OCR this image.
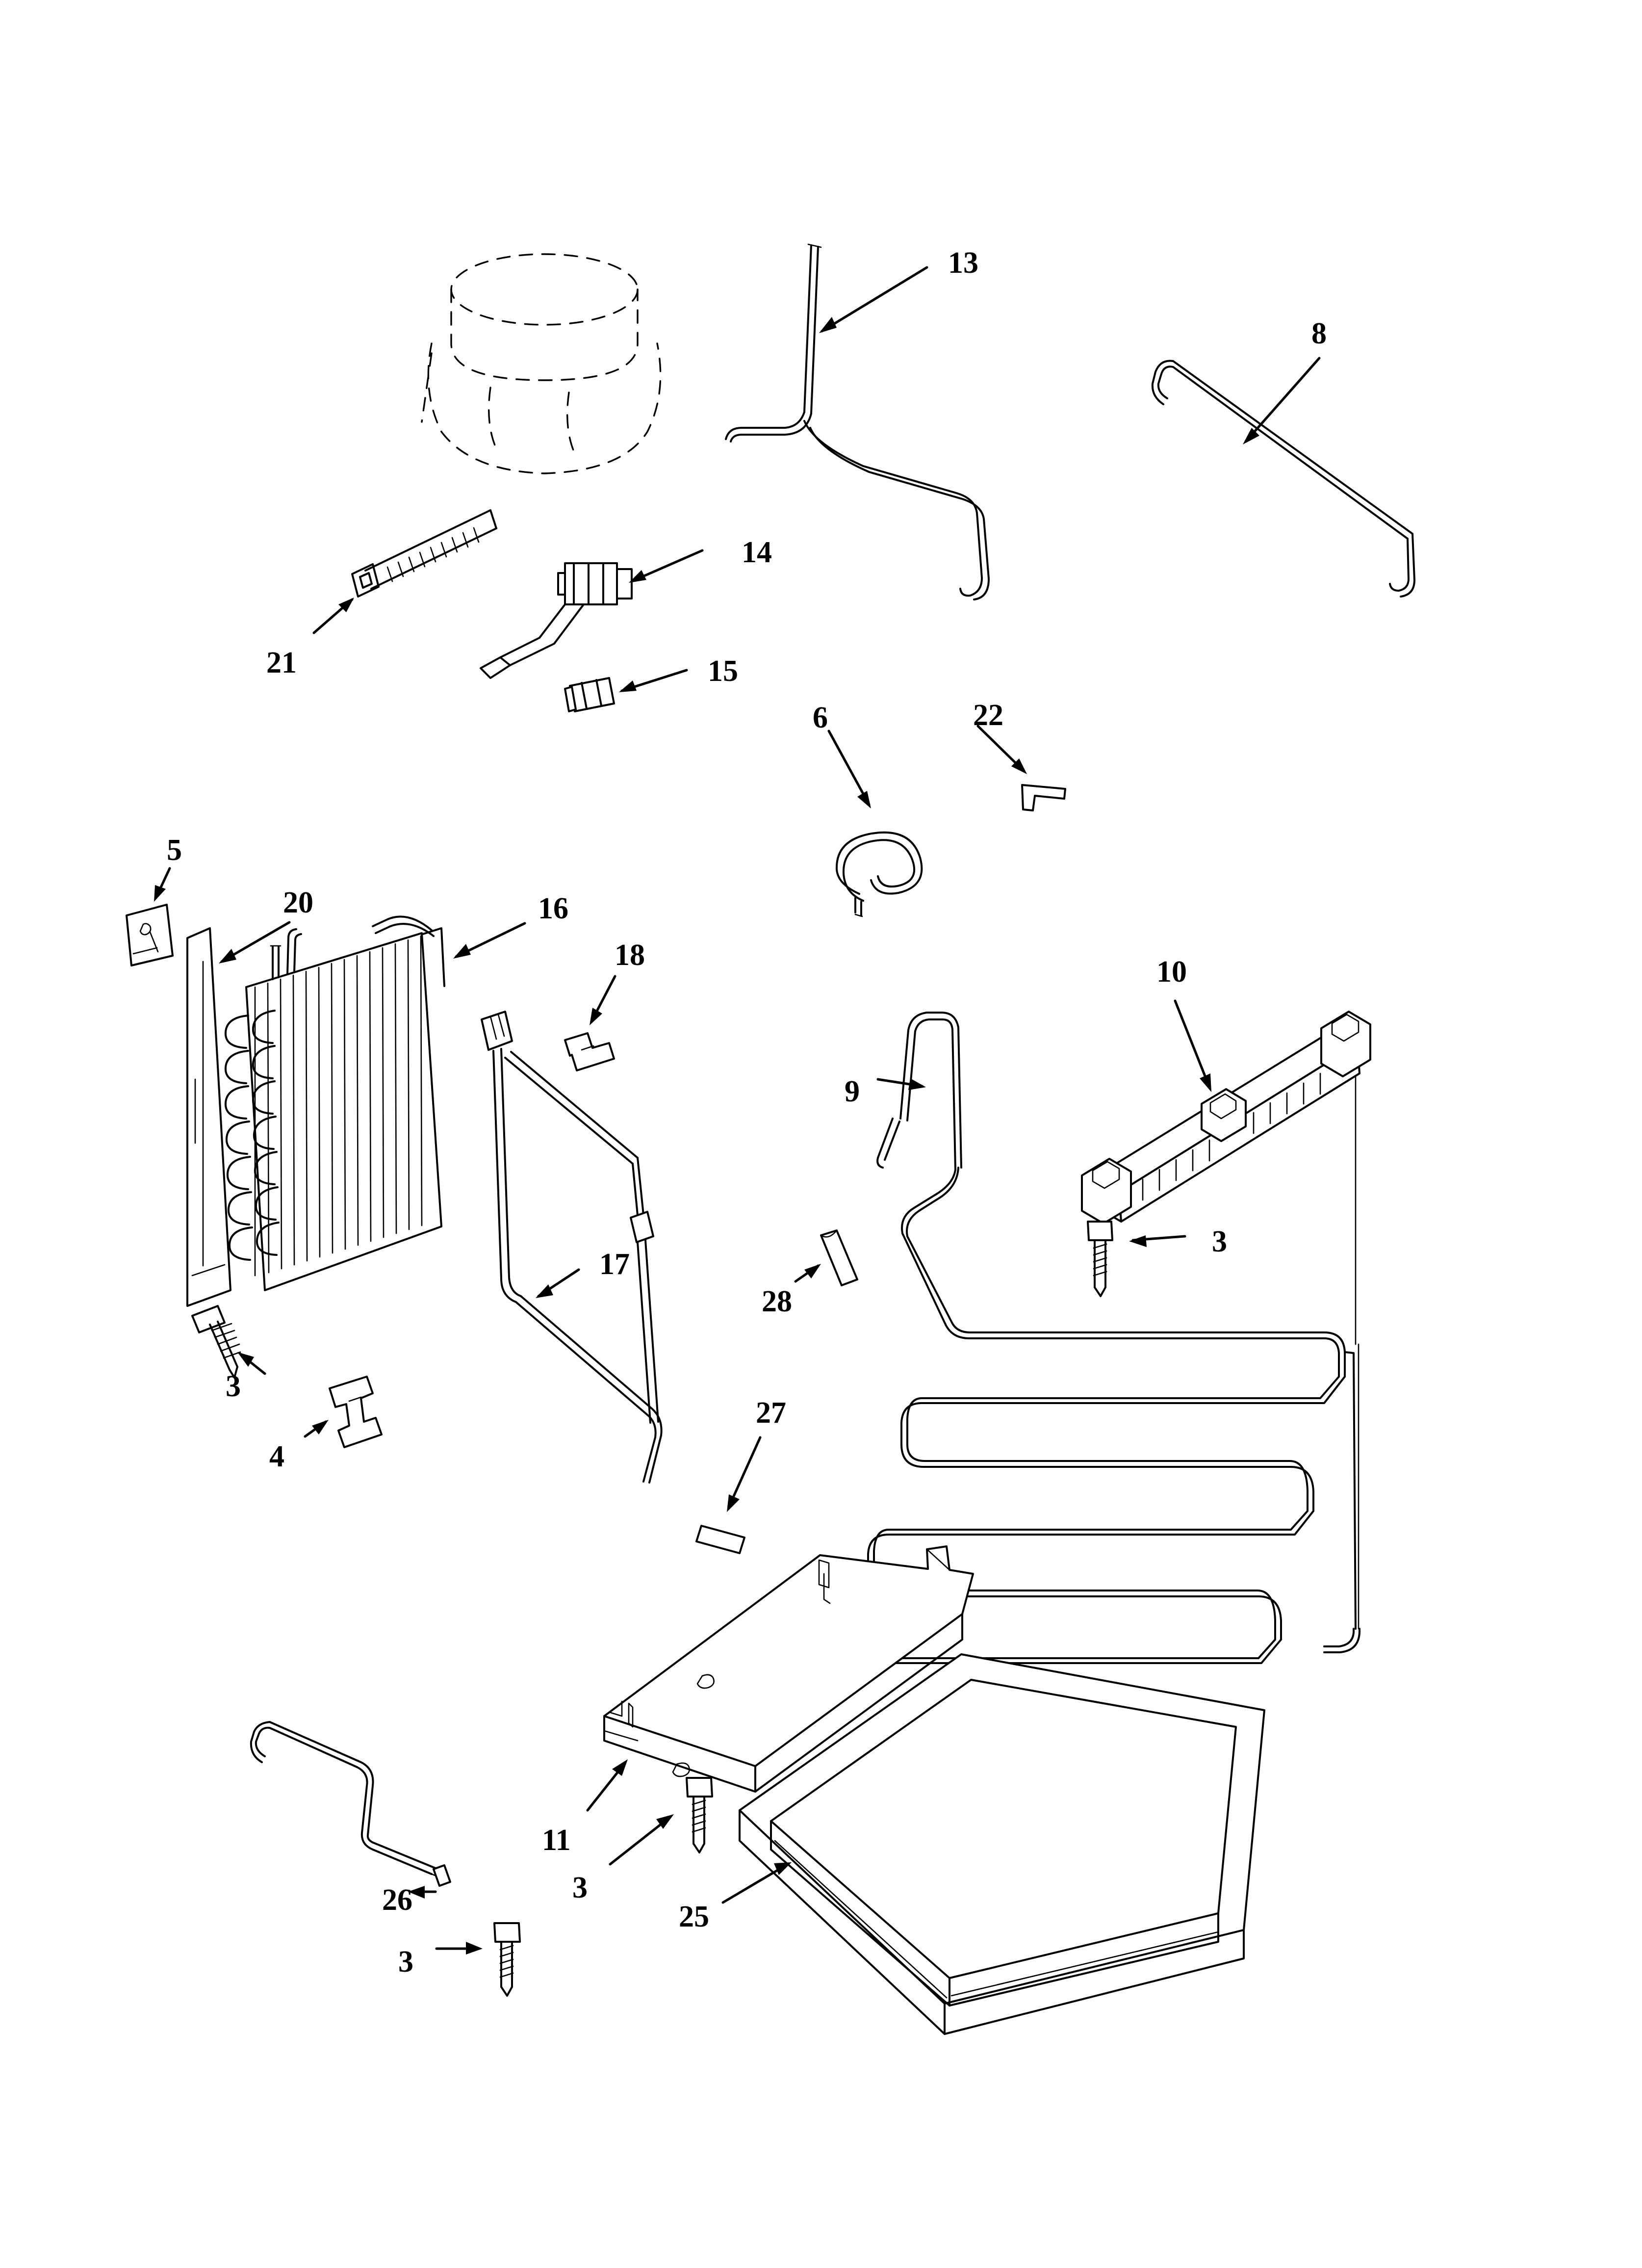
13
8
14
21	15
6	22
5
20	16
18	10
9
3
17
28
3
4
27
11
3
26	25
3
